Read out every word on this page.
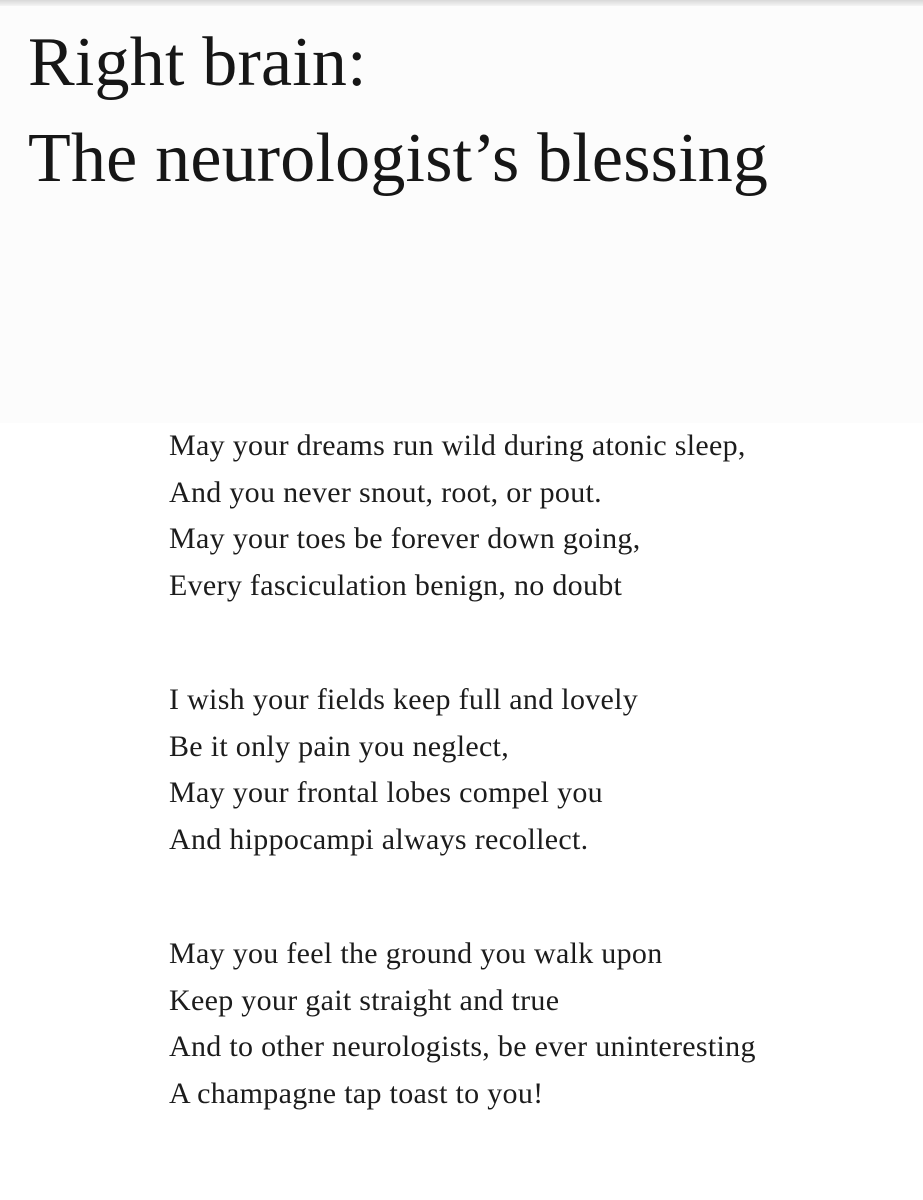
Right brain:
The neurologist’s blessing
May your dreams run wild during atonic sleep,
And you never snout, root, or pout.
May your toes be forever down going,
Every fasciculation benign, no doubt
I wish your fields keep full and lovely
Be it only pain you neglect,
May your frontal lobes compel you
And hippocampi always recollect.
May you feel the ground you walk upon
Keep your gait straight and true
And to other neurologists, be ever uninteresting
A champagne tap toast to you!
